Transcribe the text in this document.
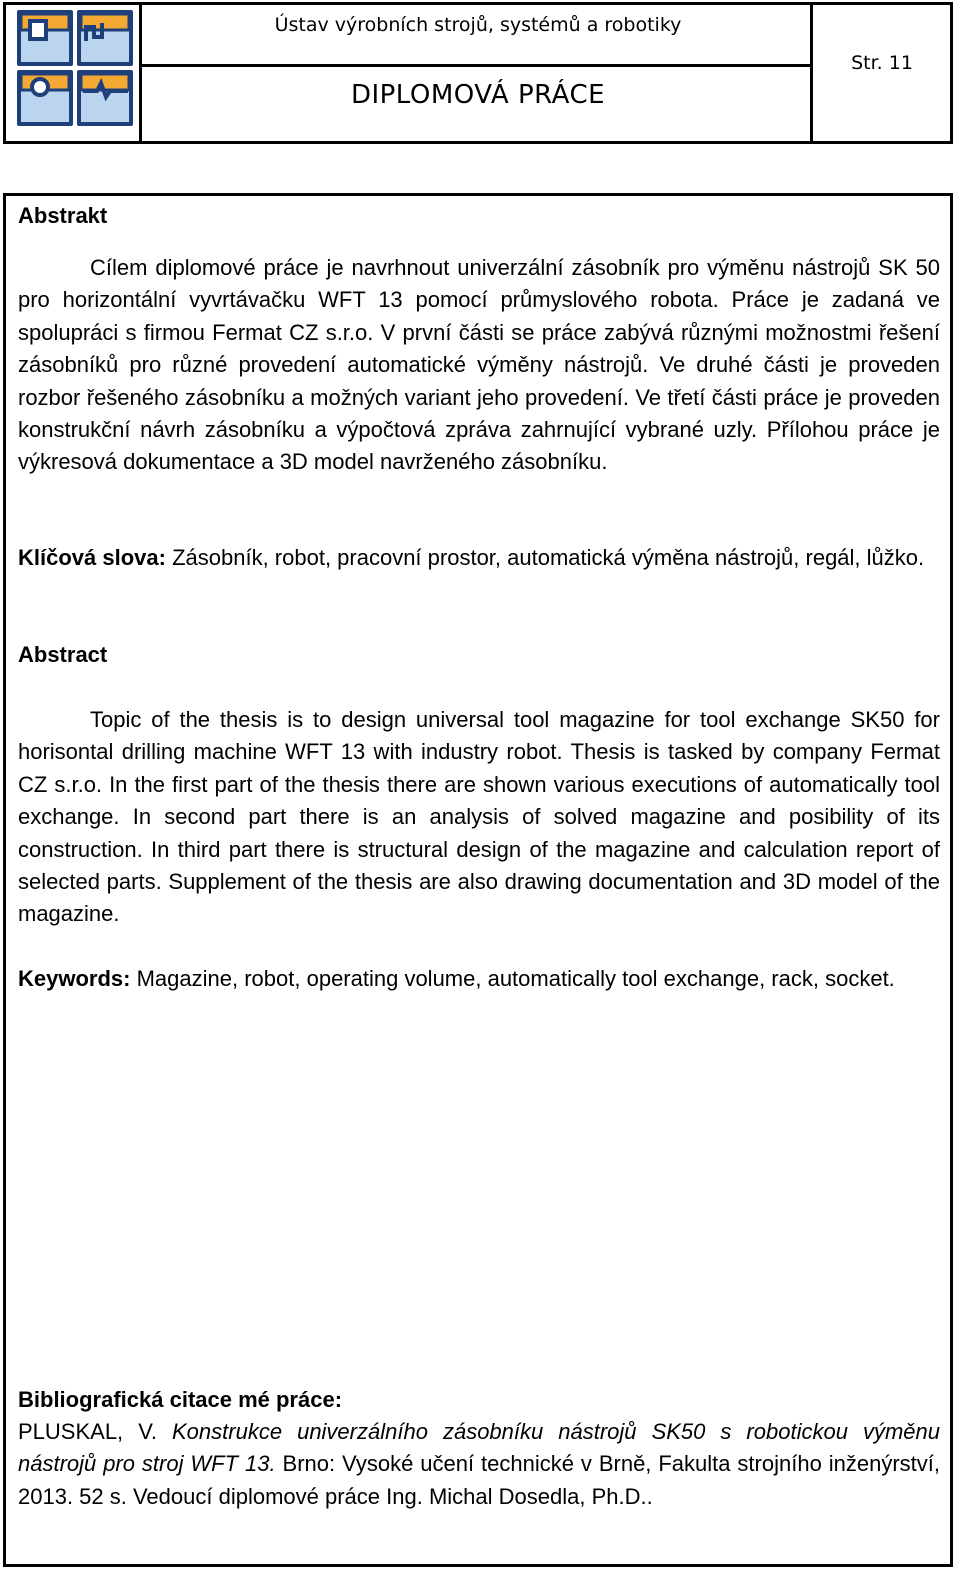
Ústav výrobních strojů, systémů a robotiky
DIPLOMOVÁ PRÁCE
Str. 11
Abstrakt
Cílem diplomové práce je navrhnout univerzální zásobník pro výměnu nástrojů SK 50 pro horizontální vyvrtávačku WFT 13 pomocí průmyslového robota. Práce je zadaná ve spolupráci s firmou Fermat CZ s.r.o. V první části se práce zabývá různými možnostmi řešení zásobníků pro různé provedení automatické výměny nástrojů. Ve druhé části je proveden rozbor řešeného zásobníku a možných variant jeho provedení. Ve třetí části práce je proveden konstrukční návrh zásobníku a výpočtová zpráva zahrnující vybrané uzly. Přílohou práce je výkresová dokumentace a 3D model navrženého zásobníku.
Klíčová slova: Zásobník, robot, pracovní prostor, automatická výměna nástrojů, regál, lůžko.
Abstract
Topic of the thesis is to design universal tool magazine for tool exchange SK50 for horisontal drilling machine WFT 13 with industry robot. Thesis is tasked by company Fermat CZ s.r.o. In the first part of the thesis there are shown various executions of automatically tool exchange. In second part there is an analysis of solved magazine and posibility of its construction. In third part there is structural design of the magazine and calculation report of selected parts. Supplement of the thesis are also drawing documentation and 3D model of the magazine.
Keywords: Magazine, robot, operating volume, automatically tool exchange, rack, socket.
Bibliografická citace mé práce:
PLUSKAL, V. Konstrukce univerzálního zásobníku nástrojů SK50 s robotickou výměnu nástrojů pro stroj WFT 13. Brno: Vysoké učení technické v Brně, Fakulta strojního inženýrství, 2013. 52 s. Vedoucí diplomové práce Ing. Michal Dosedla, Ph.D..
